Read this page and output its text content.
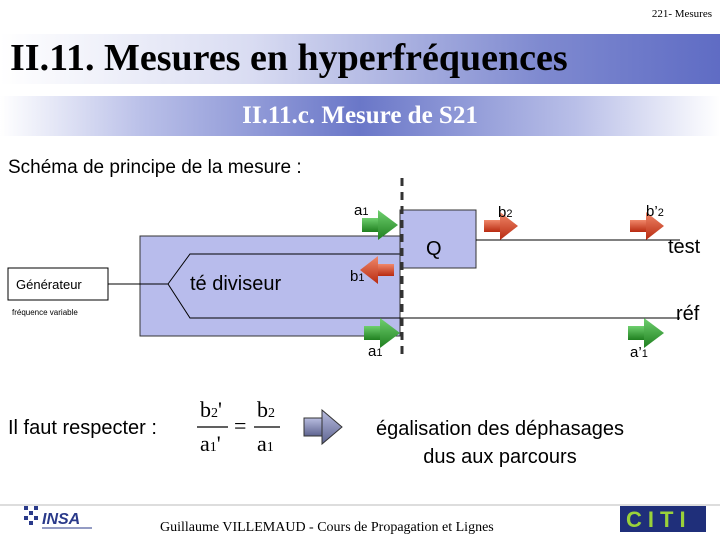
221- Mesures
II.11. Mesures en hyperfréquences
II.11.c. Mesure de S21
Schéma de principe de la mesure :
Générateur
fréquence variable
té diviseur
Q	test
réf
a1	b2	b’2
b1
a1	a’1
Il faut respecter :
b2'
a1'
=
b2
a1
égalisation des déphasages
dus aux parcours
INSA	Guillaume VILLEMAUD - Cours de Propagation et Lignes	CITI
